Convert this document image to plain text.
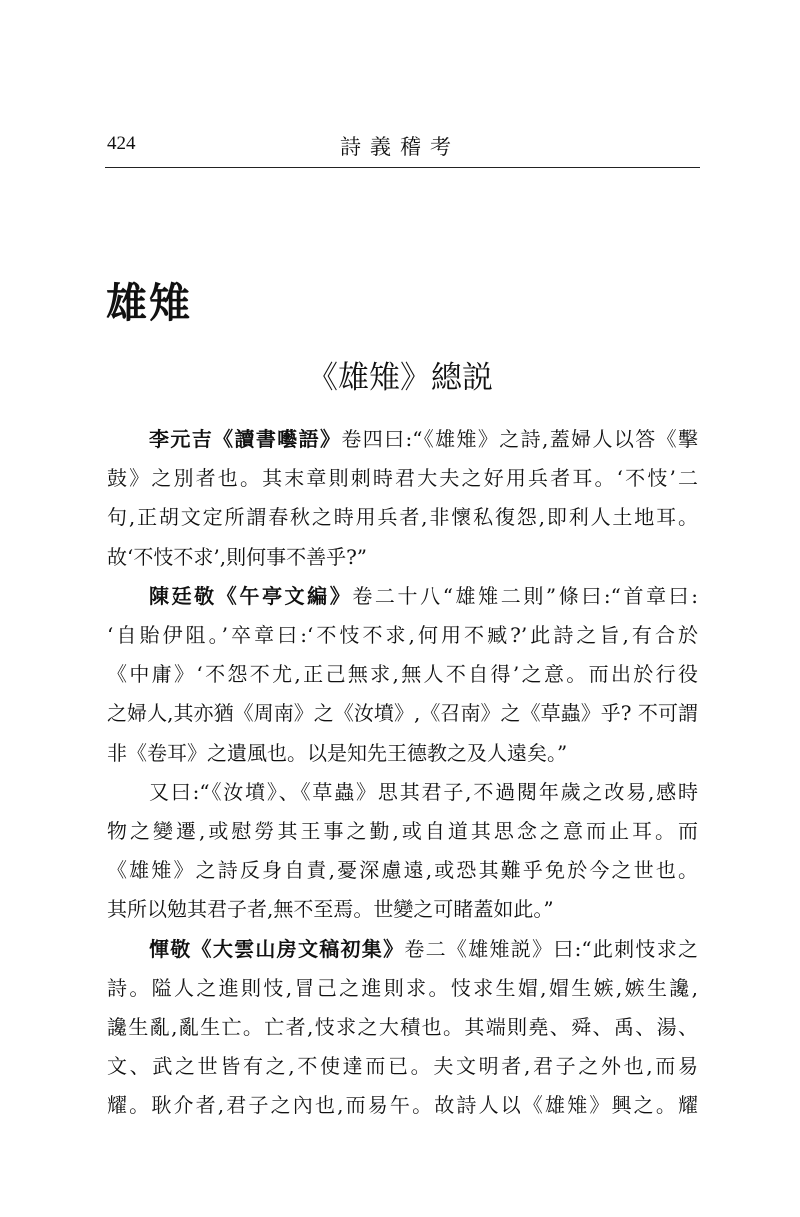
424	詩義稽考
雄雉
《雄雉》總説
李元吉《讀書囈語》卷四曰:“《雄雉》之詩,蓋婦人以答《擊
鼓》之別者也。其末章則刺時君大夫之好用兵者耳。‘不忮’二
句,正胡文定所謂春秋之時用兵者,非懷私復怨,即利人土地耳。
故‘不忮不求’,則何事不善乎?”
陳廷敬《午亭文編》卷二十八“雄雉二則”條曰:“首章曰:
‘自貽伊阻。’卒章曰:‘不忮不求,何用不臧?’此詩之旨,有合於
《中庸》‘不怨不尤,正己無求,無人不自得’之意。而出於行役
之婦人,其亦猶《周南》之《汝墳》,《召南》之《草蟲》乎? 不可謂
非《卷耳》之遺風也。以是知先王德教之及人遠矣。”
又曰:“《汝墳》、《草蟲》思其君子,不過閱年歲之改易,感時
物之變遷,或慰勞其王事之勤,或自道其思念之意而止耳。而
《雄雉》之詩反身自責,憂深慮遠,或恐其難乎免於今之世也。
其所以勉其君子者,無不至焉。世變之可睹蓋如此。”
惲敬《大雲山房文稿初集》卷二《雄雉説》曰:“此刺忮求之
詩。隘人之進則忮,冒己之進則求。忮求生媢,媢生嫉,嫉生讒,
讒生亂,亂生亡。亡者,忮求之大積也。其端則堯、舜、禹、湯、
文、武之世皆有之,不使達而已。夫文明者,君子之外也,而易
耀。耿介者,君子之內也,而易午。故詩人以《雄雉》興之。耀
